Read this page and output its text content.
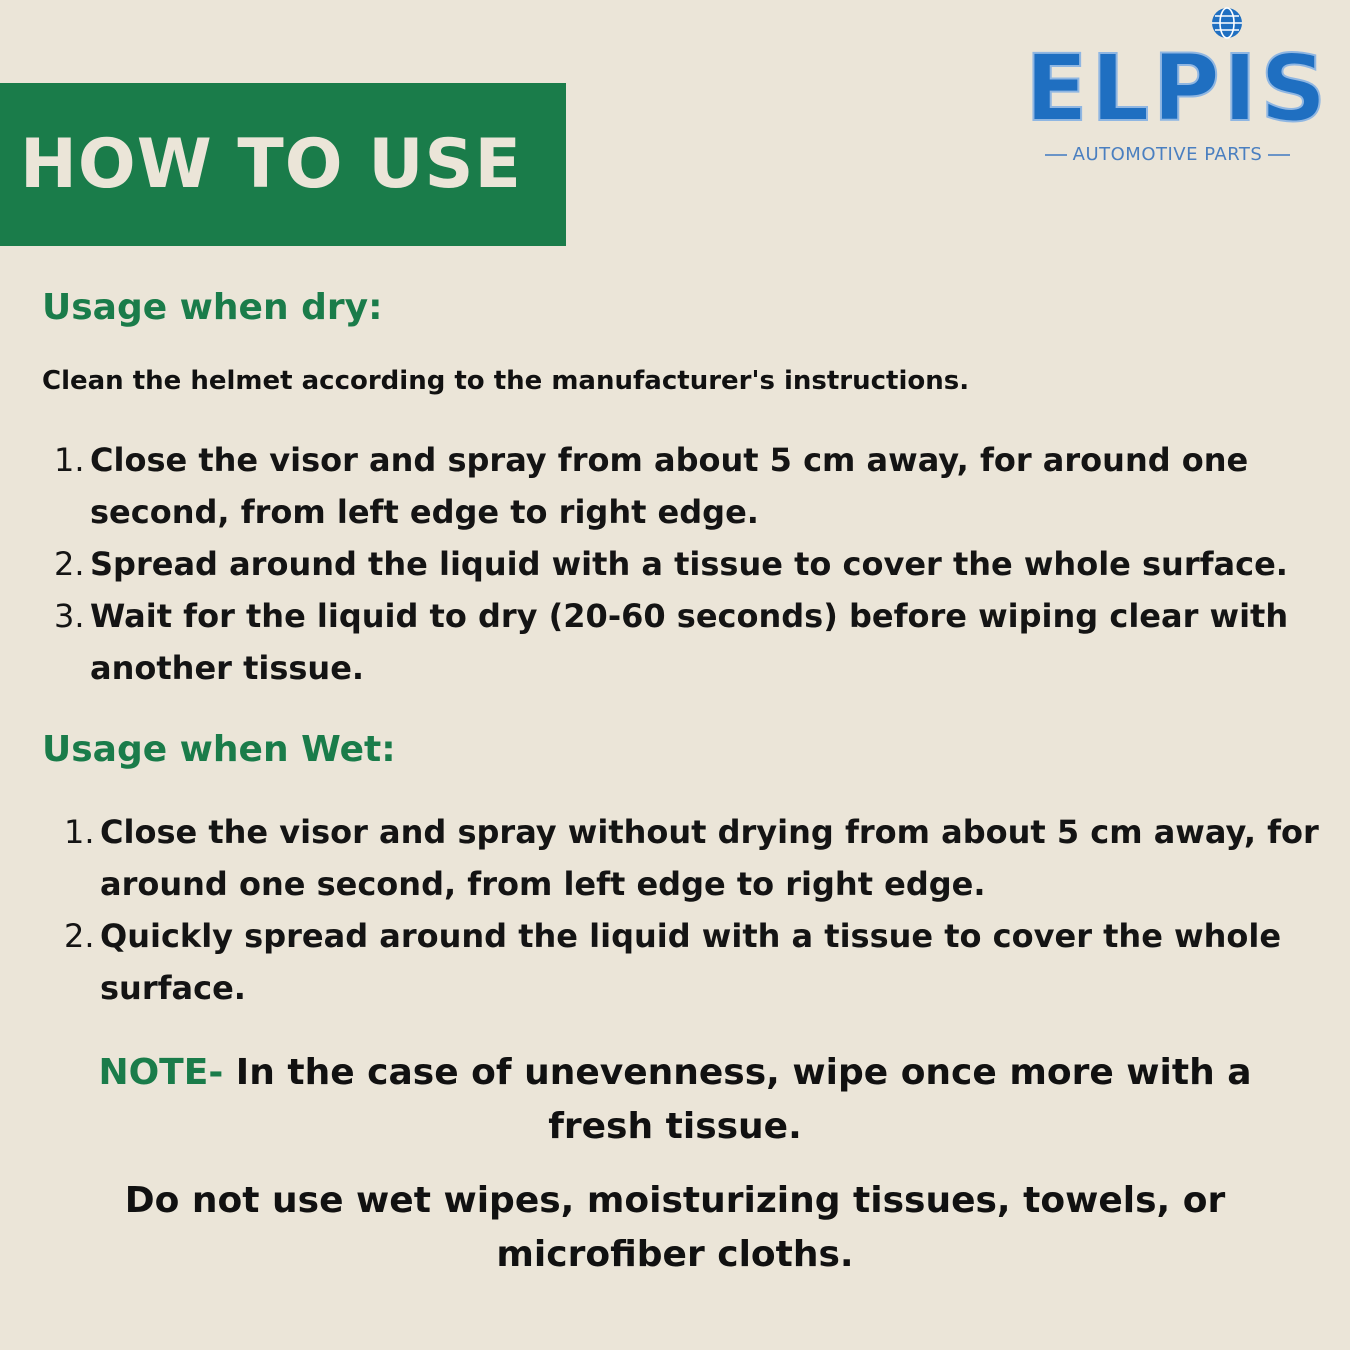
HOW TO USE
ELPIS
AUTOMOTIVE PARTS
Usage when dry:
Clean the helmet according to the manufacturer's instructions.
1. Close the visor and spray from about 5 cm away, for around one second, from left edge to right edge.
2. Spread around the liquid with a tissue to cover the whole surface.
3. Wait for the liquid to dry (20-60 seconds) before wiping clear with another tissue.
Usage when Wet:
1. Close the visor and spray without drying from about 5 cm away, for around one second, from left edge to right edge.
2. Quickly spread around the liquid with a tissue to cover the whole surface.
NOTE- In the case of unevenness, wipe once more with a fresh tissue.
Do not use wet wipes, moisturizing tissues, towels, or microfiber cloths.
